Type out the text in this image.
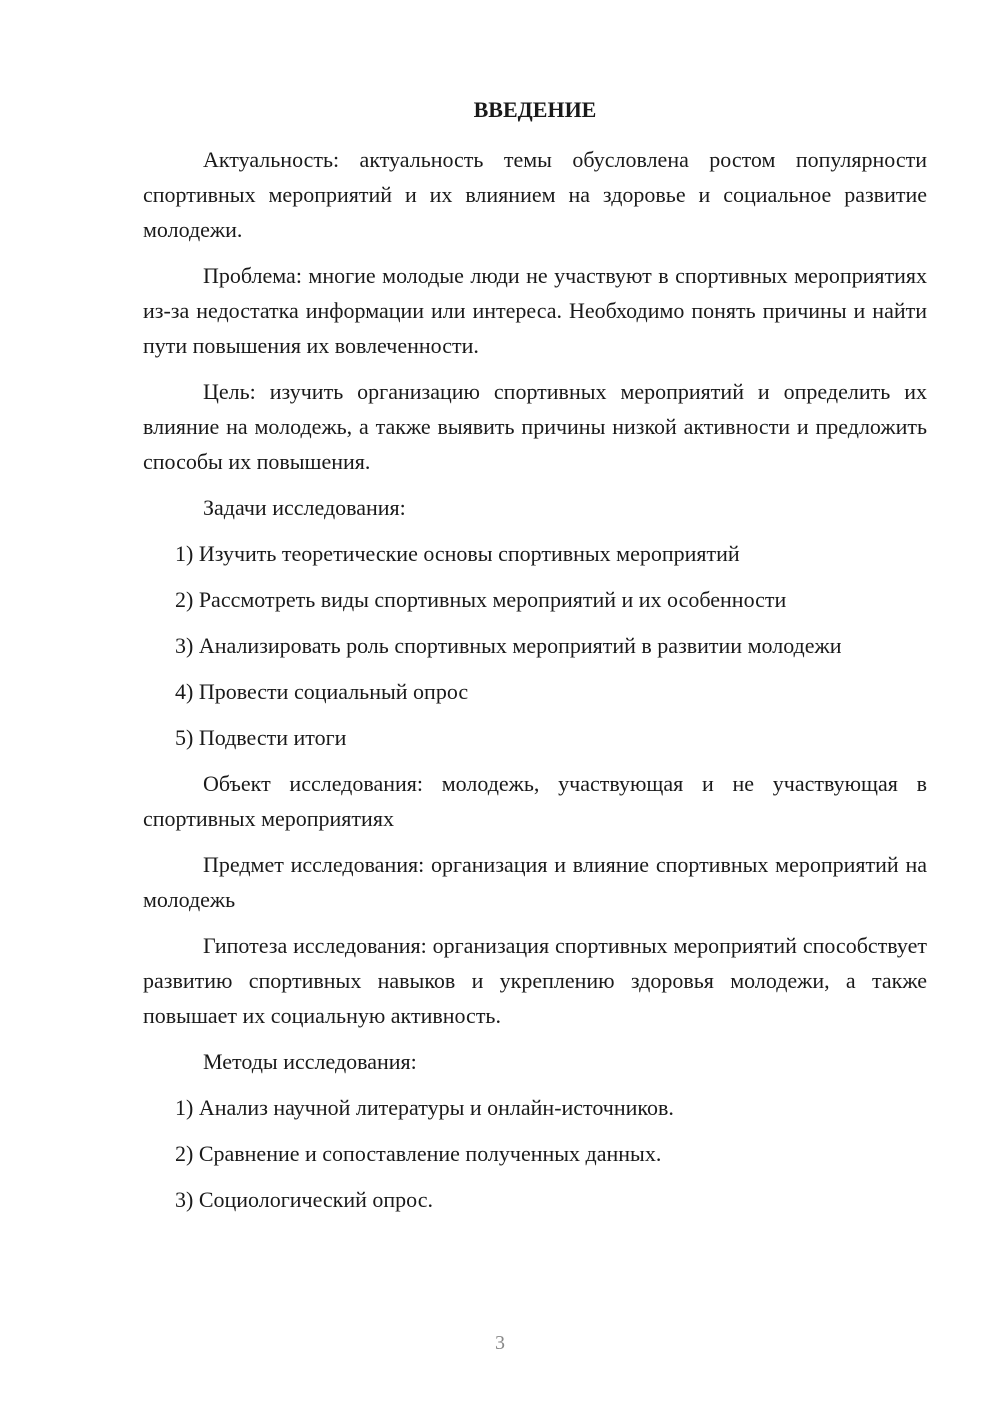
ВВЕДЕНИЕ

Актуальность: актуальность темы обусловлена ростом популярности спортивных мероприятий и их влиянием на здоровье и социальное развитие молодежи.

Проблема: многие молодые люди не участвуют в спортивных мероприятиях из-за недостатка информации или интереса. Необходимо понять причины и найти пути повышения их вовлеченности.

Цель: изучить организацию спортивных мероприятий и определить их влияние на молодежь, а также выявить причины низкой активности и предложить способы их повышения.

Задачи исследования:

1) Изучить теоретические основы спортивных мероприятий

2) Рассмотреть виды спортивных мероприятий и их особенности

3) Анализировать роль спортивных мероприятий в развитии молодежи

4) Провести социальный опрос

5) Подвести итоги

Объект исследования: молодежь, участвующая и не участвующая в спортивных мероприятиях

Предмет исследования: организация и влияние спортивных мероприятий на молодежь

Гипотеза исследования: организация спортивных мероприятий способствует развитию спортивных навыков и укреплению здоровья молодежи, а также повышает их социальную активность.

Методы исследования:

1) Анализ научной литературы и онлайн-источников.

2) Сравнение и сопоставление полученных данных.

3) Социологический опрос.

3
